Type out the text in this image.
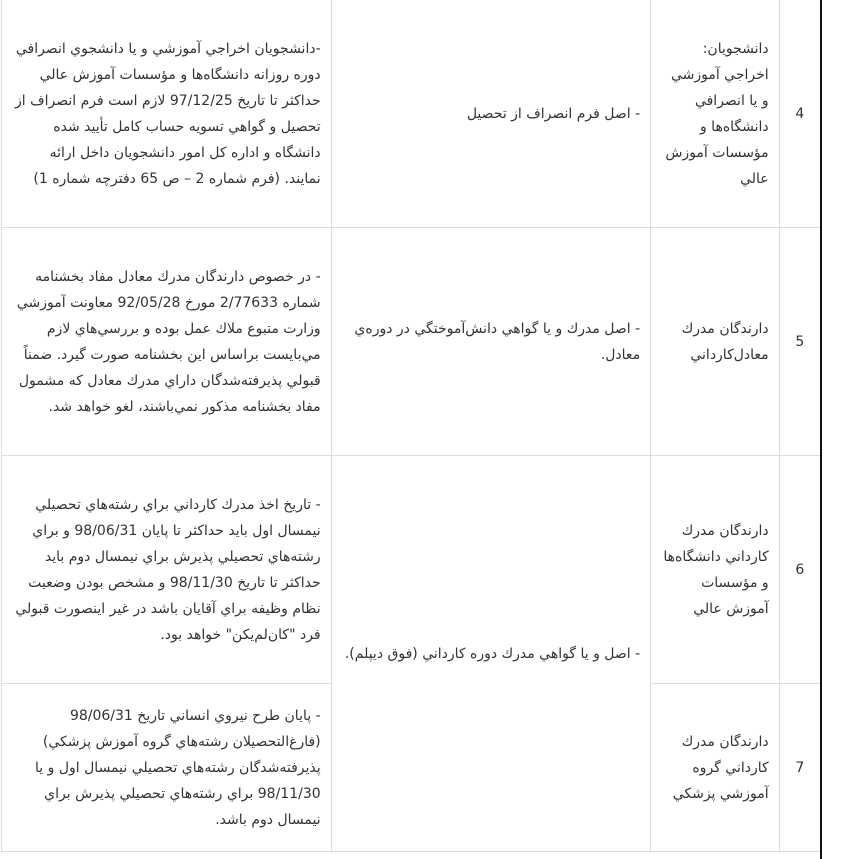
4	دانشجويان: اخراجي آموزشي و يا انصرافي دانشگاه‌ها و مؤسسات آموزش عالي	- اصل فرم انصراف از تحصيل	-دانشجويان اخراجي آموزشي و يا دانشجوي انصرافي دوره روزانه دانشگاه‌ها و مؤسسات آموزش عالي حداكثر تا تاريخ 97/12/25 لازم است فرم انصراف از تحصيل و گواهي تسويه حساب كامل تأييد شده دانشگاه و اداره كل امور دانشجويان داخل ارائه نمايند. (فرم شماره 2 – ص 65 دفترچه شماره 1)

5	دارندگان مدرك معادل‌كارداني	- اصل مدرك و يا گواهي دانش‌آموختگي در دوره‌ي معادل.	- در خصوص دارندگان مدرك معادل مفاد بخشنامه شماره 2/77633 مورخ 92/05/28 معاونت آموزشي وزارت متبوع ملاك عمل بوده و بررسي‌هاي لازم مي‌بايست براساس اين بخشنامه صورت گيرد. ضمناً قبولي پذيرفته‌شدگان داراي مدرك معادل كه مشمول مفاد بخشنامه مذكور نمي‌باشند، لغو خواهد شد.

6	دارندگان مدرك كارداني دانشگاه‌ها و مؤسسات آموزش عالي	- اصل و يا گواهي مدرك دوره كارداني (فوق ديپلم).	- تاريخ اخذ مدرك كارداني براي رشته‌هاي تحصيلي نيمسال اول بايد حداكثر تا پايان 98/06/31 و براي رشته‌هاي تحصيلي پذيرش براي نيمسال دوم بايد حداكثر تا تاريخ 98/11/30 و مشخص بودن وضعيت نظام وظيفه براي آقايان باشد در غير اينصورت قبولي فرد "كان‌لم‌يكن" خواهد بود.

7	دارندگان مدرك كارداني گروه آموزشي پزشكي		- پايان طرح نيروي انساني تاريخ 98/06/31 (فارغ‌التحصيلان رشته‌هاي گروه آموزش پزشكي) پذيرفته‌شدگان رشته‌هاي تحصيلي نيمسال اول و يا 98/11/30 براي رشته‌هاي تحصيلي پذيرش براي نيمسال دوم باشد.
